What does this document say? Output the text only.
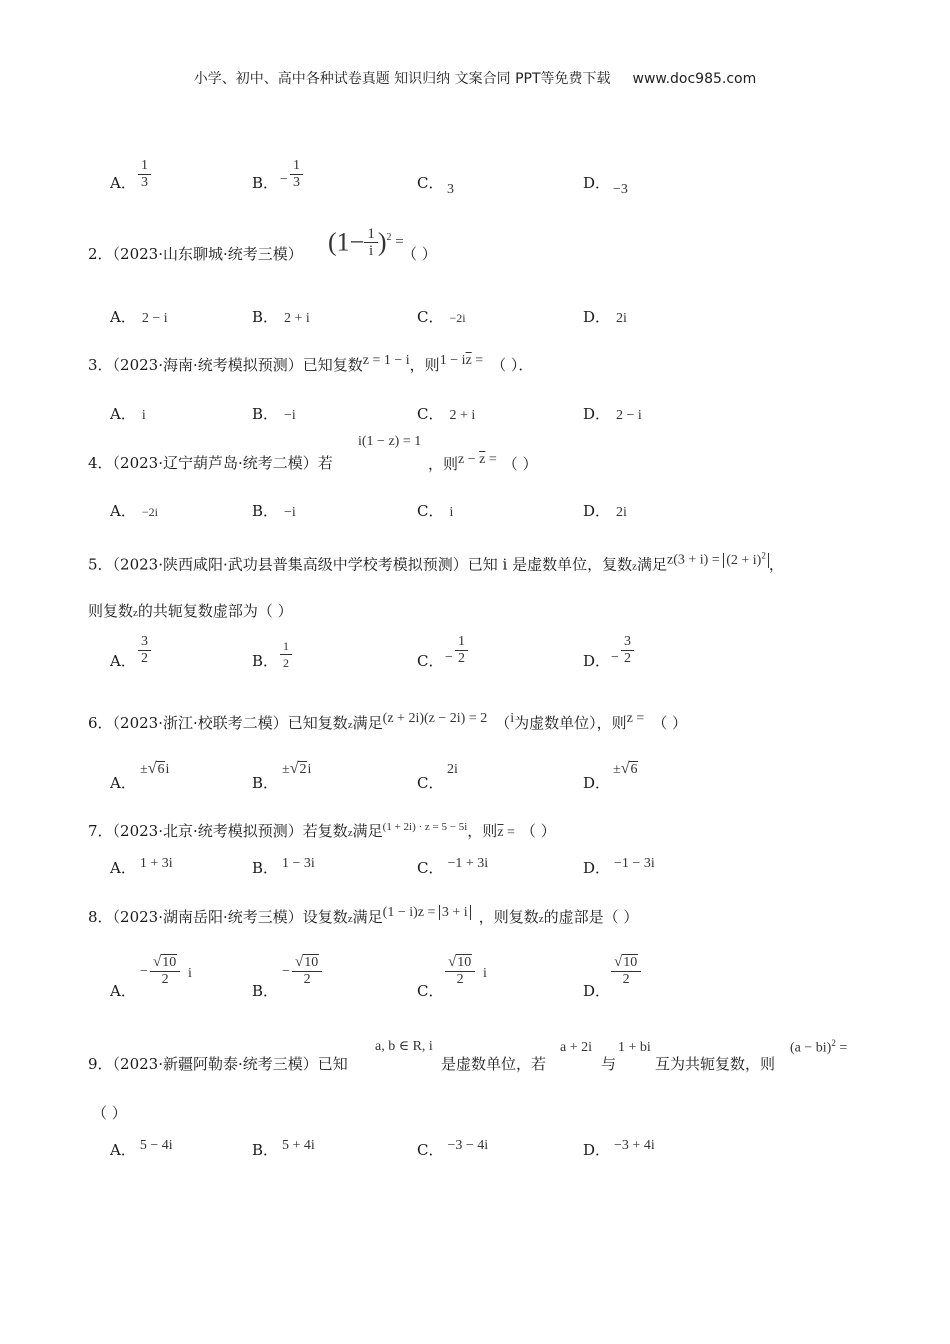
小学、初中、高中各种试卷真题 知识归纳 文案合同 PPT等免费下载 www.doc985.com
A． $\frac{1}{3}$	B． − $\frac{1}{3}$	C． 3	D． −3
2．（2023·山东聊城·统考三模） $(1- \frac{1}{i} )^2$ =
（ ）
A． 2 − i	B． 2 + i	C． −2i	D． 2i
3．（2023·海南·统考模拟预测）已知复数$^{z = 1 - i}$，则$^{1 - i\overline{z} =}$ （ ）．
A． i	B． −i	C． 2 + i	D． 2 − i
4．（2023·辽宁葫芦岛·统考二模）若
i(1 − z) = 1
，则$^{z - \overline{z} =}$ （ ）
A． −2i	B． −i	C． i	D． 2i
5．（2023·陕西咸阳·武功县普集高级中学校考模拟预测）已知 i 是虚数单位，复数z满足$^{z(3 + i) = (2 + i)^2}$，
则复数z的共轭复数虚部为（ ）
A． $\frac{3}{2}$	B． $\frac{1}{2}$	C． − $\frac{1}{2}$	D． − $\frac{3}{2}$
6．（2023·浙江·校联考二模）已知复数z满足$^{(z + 2i)(z - 2i) = 2}$ （$^i$为虚数单位），则$^{z =}$ （ ）
A．
±√6i
B．
±√2i
C．
2i
D．
±√6
7．（2023·北京·统考模拟预测）若复数z满足$^{(1 + 2i) \cdot z = 5 - 5i}$，则$\overline{z}$ = （ ）
A． $^{1 + 3i}$	B． $^{1 - 3i}$	C． $^{-1 + 3i}$	D． $^{-1 - 3i}$
8．（2023·湖南岳阳·统考三模）设复数z满足$^{(1 - i)z = 3 + i}$ ，则复数z的虚部是（ ）
A．
− $\frac{√10}{2}$ i
B．
− $\frac{√10}{2}$
C．
$\frac{√10}{2}$ i
D．
$\frac{√10}{2}$
9．（2023·新疆阿勒泰·统考三模）已知
a, b ∈ R, i
是虚数单位，若
a + 2i
与
1 + bi
互为共轭复数，则
(a − bi)$^2$ =
（ ）
A． $^{5 - 4i}$	B． $^{5 + 4i}$	C． $^{-3 - 4i}$	D． $^{-3 + 4i}$
